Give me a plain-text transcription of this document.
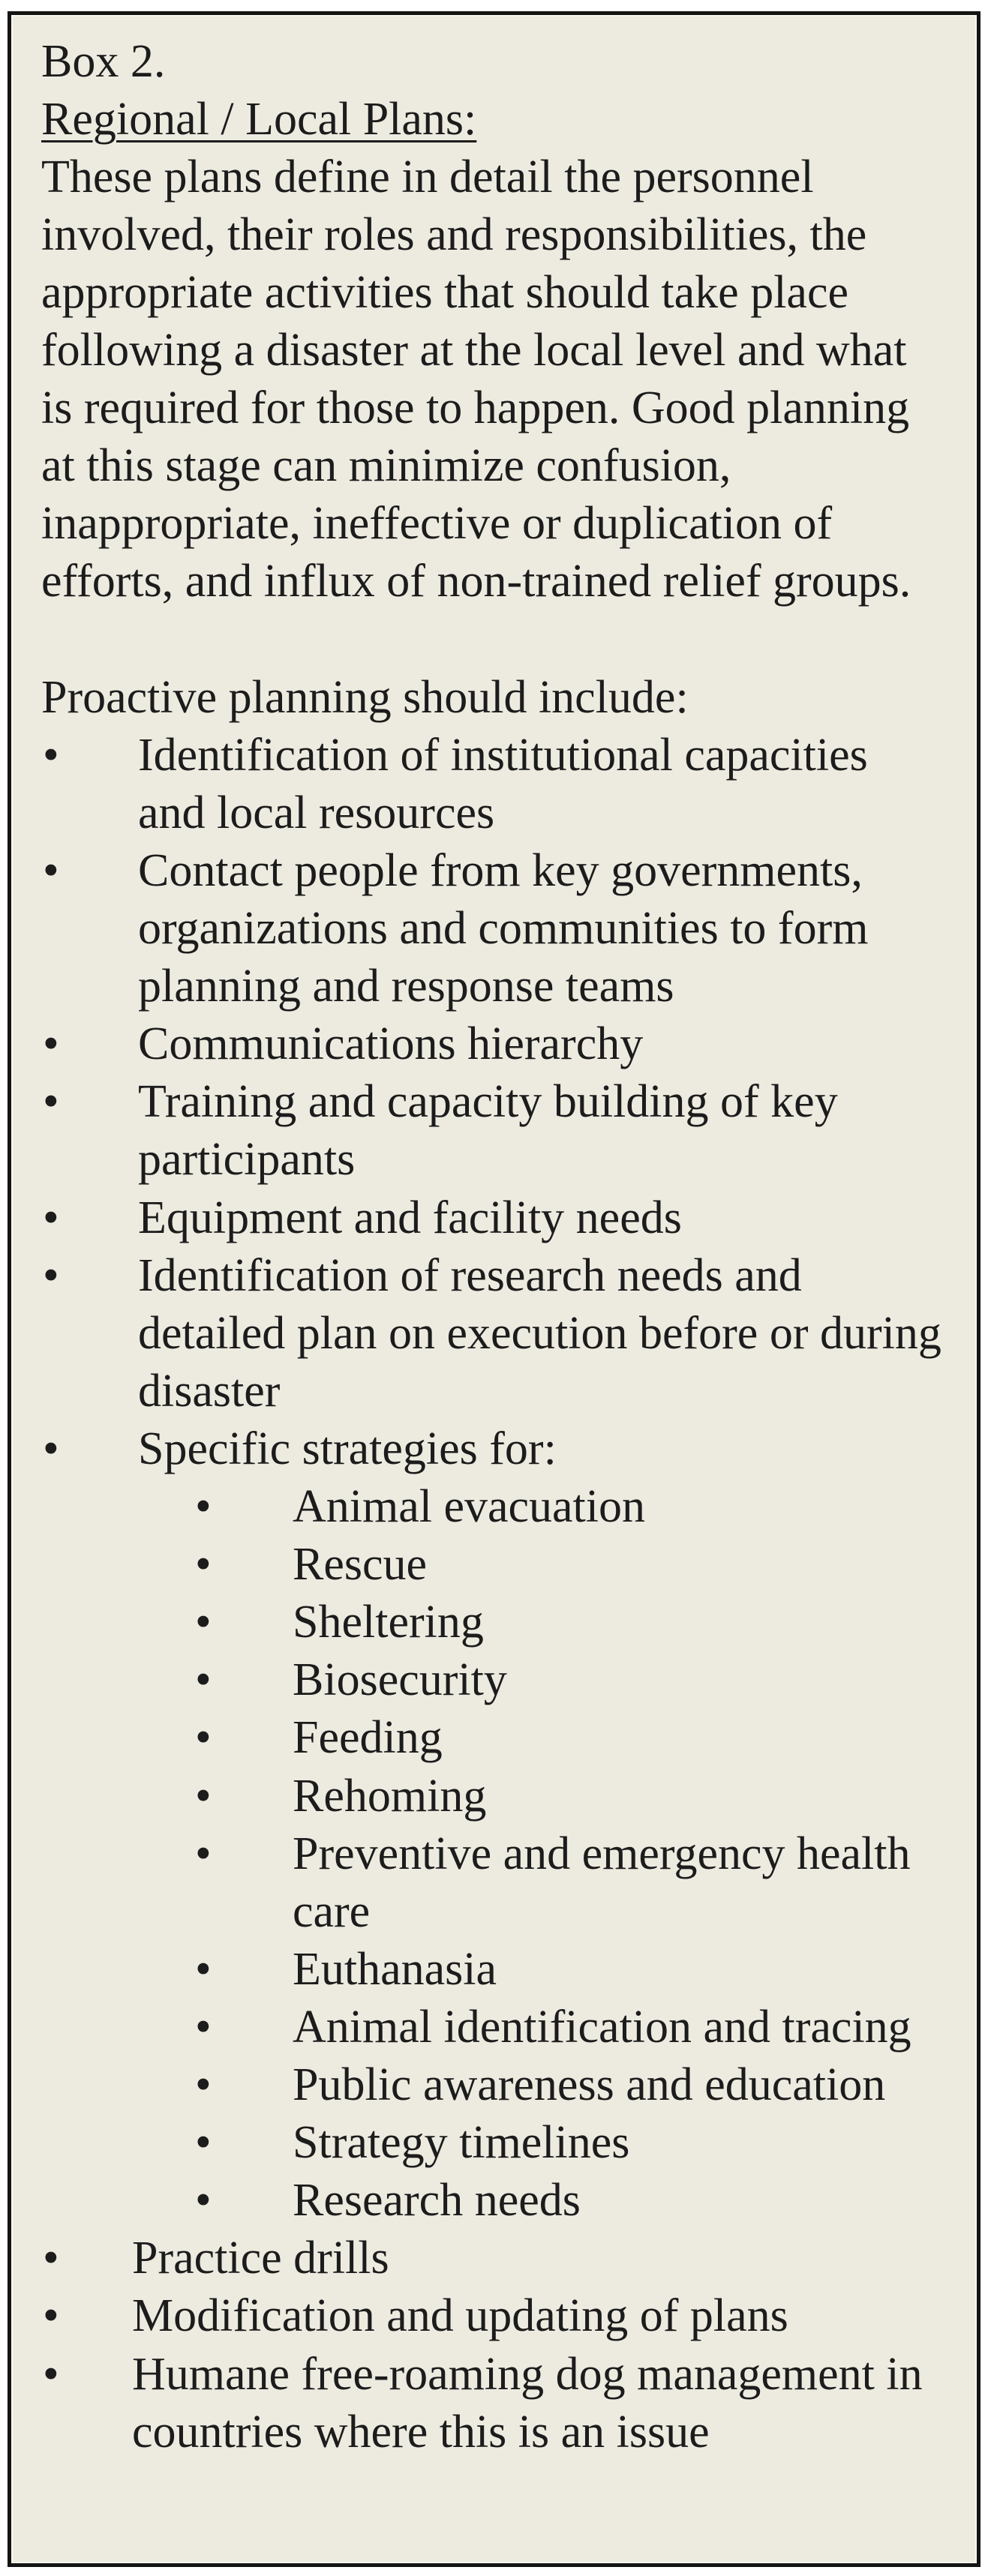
Box 2.
Regional / Local Plans:
These plans define in detail the personnel
involved, their roles and responsibilities, the
appropriate activities that should take place
following a disaster at the local level and what
is required for those to happen. Good planning
at this stage can minimize confusion,
inappropriate, ineffective or duplication of
efforts, and influx of non-trained relief groups.
Proactive planning should include:
• Identification of institutional capacities
and local resources
• Contact people from key governments,
organizations and communities to form
planning and response teams
• Communications hierarchy
• Training and capacity building of key
participants
• Equipment and facility needs
• Identification of research needs and
detailed plan on execution before or during
disaster
• Specific strategies for:
• Animal evacuation
• Rescue
• Sheltering
• Biosecurity
• Feeding
• Rehoming
• Preventive and emergency health
care
• Euthanasia
• Animal identification and tracing
• Public awareness and education
• Strategy timelines
• Research needs
• Practice drills
• Modification and updating of plans
• Humane free-roaming dog management in
countries where this is an issue
